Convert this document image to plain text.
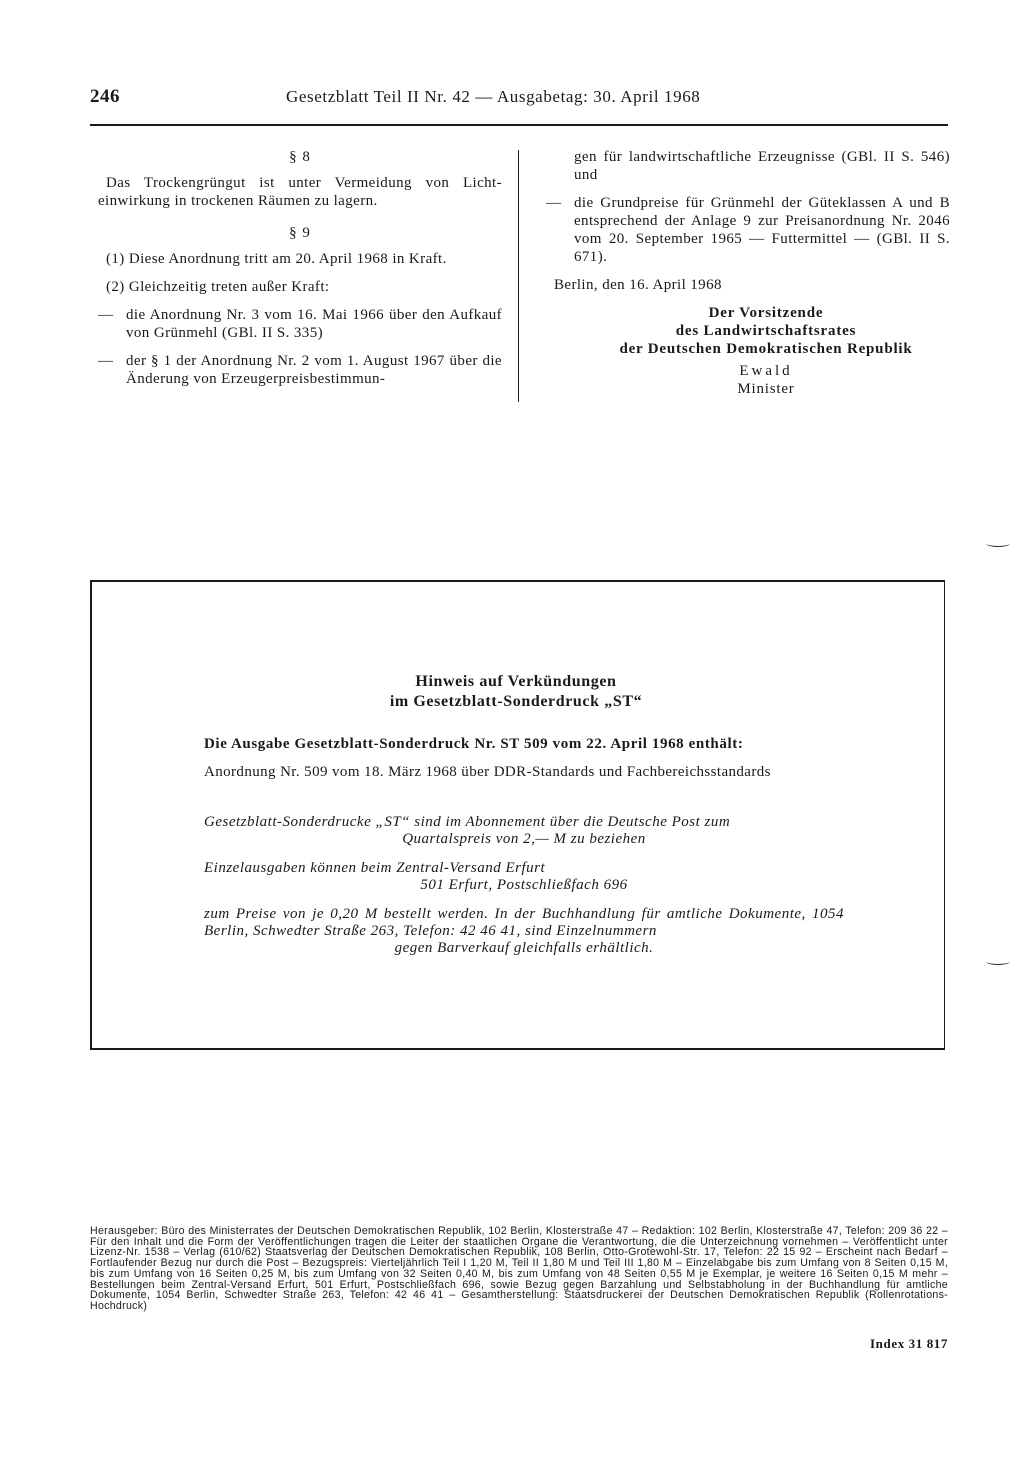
246	Gesetzblatt Teil II Nr. 42 — Ausgabetag: 30. April 1968
§ 8

Das Trockengrüngut ist unter Vermeidung von Licht-einwirkung in trockenen Räumen zu lagern.

§ 9

(1) Diese Anordnung tritt am 20. April 1968 in Kraft.

(2) Gleichzeitig treten außer Kraft:

— die Anordnung Nr. 3 vom 16. Mai 1966 über den Aufkauf von Grünmehl (GBl. II S. 335)
— der § 1 der Anordnung Nr. 2 vom 1. August 1967 über die Änderung von Erzeugerpreisbestimmun-
gen für landwirtschaftliche Erzeugnisse (GBl. II S. 546) und
— die Grundpreise für Grünmehl der Güteklassen A und B entsprechend der Anlage 9 zur Preisanordnung Nr. 2046 vom 20. September 1965 — Futtermittel — (GBl. II S. 671).

Berlin, den 16. April 1968

Der Vorsitzende
des Landwirtschaftsrates
der Deutschen Demokratischen Republik
Ewald
Minister
Hinweis auf Verkündungen
im Gesetzblatt-Sonderdruck „ST“
Die Ausgabe Gesetzblatt-Sonderdruck Nr. ST 509 vom 22. April 1968 enthält:
Anordnung Nr. 509 vom 18. März 1968 über DDR-Standards und Fachbereichsstandards
Gesetzblatt-Sonderdrucke „ST“ sind im Abonnement über die Deutsche Post zum
Quartalspreis von 2,— M zu beziehen
Einzelausgaben können beim Zentral-Versand Erfurt
501 Erfurt, Postschließfach 696
zum Preise von je 0,20 M bestellt werden. In der Buchhandlung für amtliche Dokumente, 1054 Berlin, Schwedter Straße 263, Telefon: 42 46 41, sind Einzelnummern
gegen Barverkauf gleichfalls erhältlich.
Herausgeber: Büro des Ministerrates der Deutschen Demokratischen Republik, 102 Berlin, Klosterstraße 47 – Redaktion: 102 Berlin, Klosterstraße 47, Telefon: 209 36 22 – Für den Inhalt und die Form der Veröffentlichungen tragen die Leiter der staatlichen Organe die Verantwortung, die die Unterzeichnung vornehmen – Veröffentlicht unter Lizenz-Nr. 1538 – Verlag (610/62) Staatsverlag der Deutschen Demokratischen Republik, 108 Berlin, Otto-Grotewohl-Str. 17, Telefon: 22 15 92 – Erscheint nach Bedarf – Fortlaufender Bezug nur durch die Post – Bezugspreis: Vierteljährlich Teil I 1,20 M, Teil II 1,80 M und Teil III 1,80 M – Einzelabgabe bis zum Umfang von 8 Seiten 0,15 M, bis zum Umfang von 16 Seiten 0,25 M, bis zum Umfang von 32 Seiten 0,40 M, bis zum Umfang von 48 Seiten 0,55 M je Exemplar, je weitere 16 Seiten 0,15 M mehr – Bestellungen beim Zentral-Versand Erfurt, 501 Erfurt, Postschließfach 696, sowie Bezug gegen Barzahlung und Selbstabholung in der Buchhandlung für amtliche Dokumente, 1054 Berlin, Schwedter Straße 263, Telefon: 42 46 41 – Gesamtherstellung: Staatsdruckerei der Deutschen Demokratischen Republik (Rollenrotations-Hochdruck)
Index 31 817
